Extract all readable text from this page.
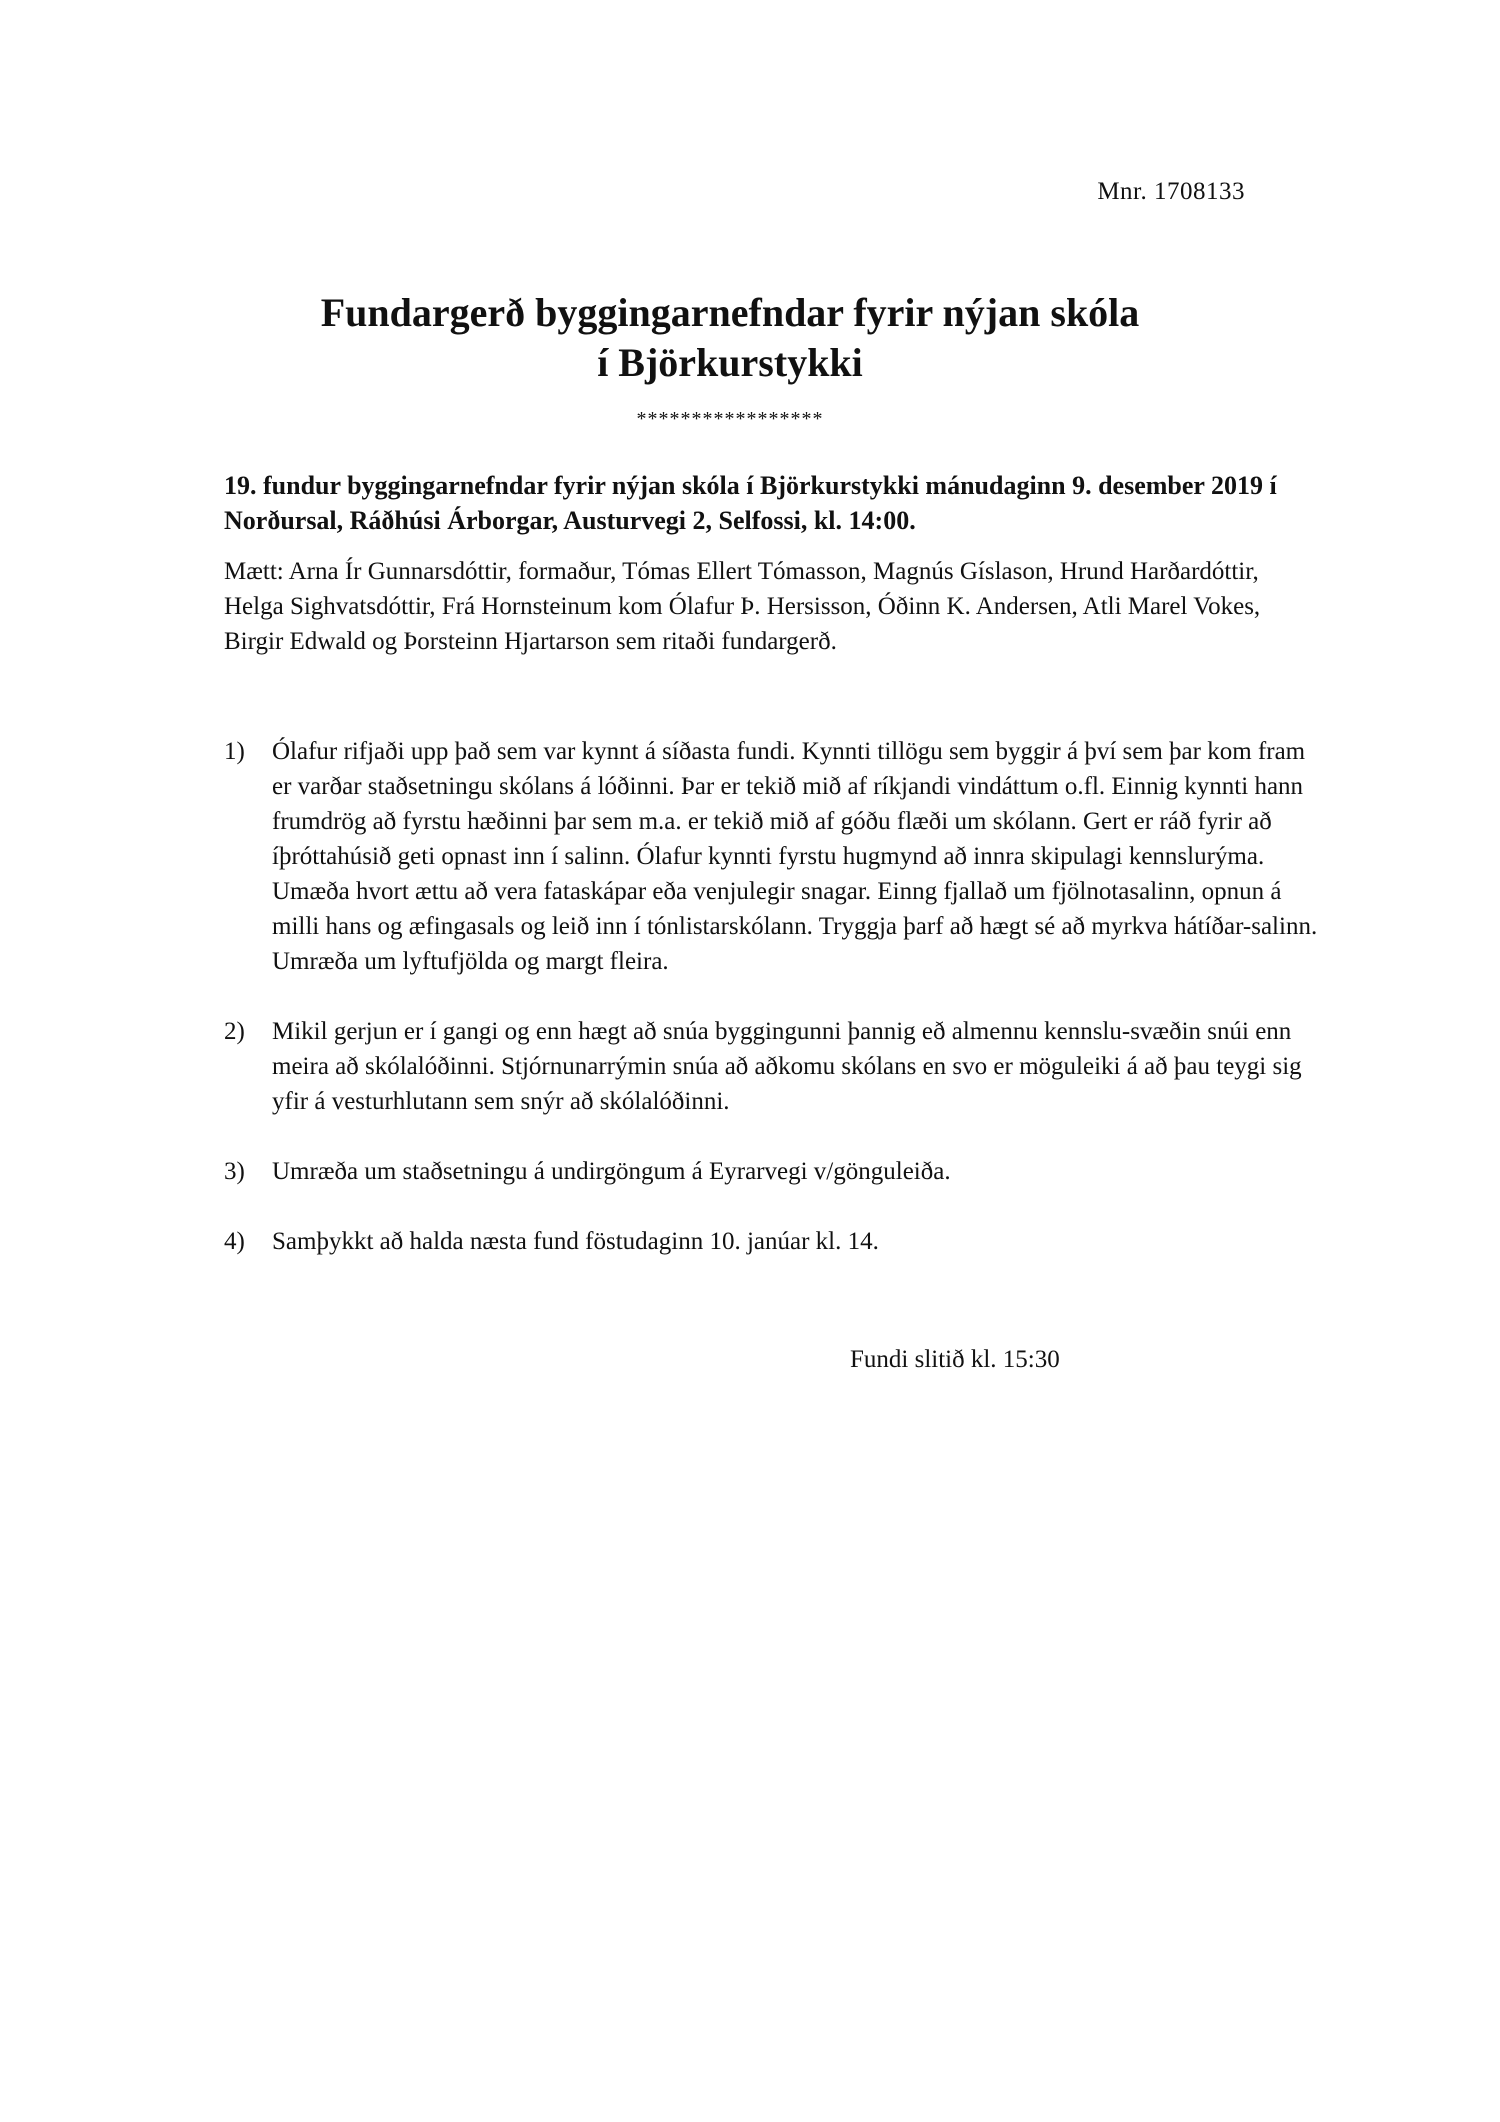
Mnr. 1708133
Fundargerð byggingarnefndar fyrir nýjan skóla
í Björkurstykki
*****************
19. fundur byggingarnefndar fyrir nýjan skóla í Björkurstykki mánudaginn 9. desember 2019 í Norðursal, Ráðhúsi Árborgar, Austurvegi 2, Selfossi, kl. 14:00.
Mætt: Arna Ír Gunnarsdóttir, formaður, Tómas Ellert Tómasson, Magnús Gíslason, Hrund Harðardóttir, Helga Sighvatsdóttir, Frá Hornsteinum kom Ólafur Þ. Hersisson, Óðinn K. Andersen, Atli Marel Vokes, Birgir Edwald og Þorsteinn Hjartarson sem ritaði fundargerð.
1)	Ólafur rifjaði upp það sem var kynnt á síðasta fundi. Kynnti tillögu sem byggir á því sem þar kom fram er varðar staðsetningu skólans á lóðinni. Þar er tekið mið af ríkjandi vindáttum o.fl. Einnig kynnti hann frumdrög að fyrstu hæðinni þar sem m.a. er tekið mið af góðu flæði um skólann. Gert er ráð fyrir að íþróttahúsið geti opnast inn í salinn. Ólafur kynnti fyrstu hugmynd að innra skipulagi kennslurýma. Umæða hvort ættu að vera fataskápar eða venjulegir snagar. Einng fjallað um fjölnotasalinn, opnun á milli hans og æfingasals og leið inn í tónlistarskólann. Tryggja þarf að hægt sé að myrkva hátíðar-salinn. Umræða um lyftufjölda og margt fleira.
2)	Mikil gerjun er í gangi og enn hægt að snúa byggingunni þannig eð almennu kennslu-svæðin snúi enn meira að skólalóðinni. Stjórnunarrýmin snúa að aðkomu skólans en svo er möguleiki á að þau teygi sig yfir á vesturhlutann sem snýr að skólalóðinni.
3)	Umræða um staðsetningu á undirgöngum á Eyrarvegi v/gönguleiða.
4)	Samþykkt að halda næsta fund föstudaginn 10. janúar kl. 14.
Fundi slitið kl. 15:30
